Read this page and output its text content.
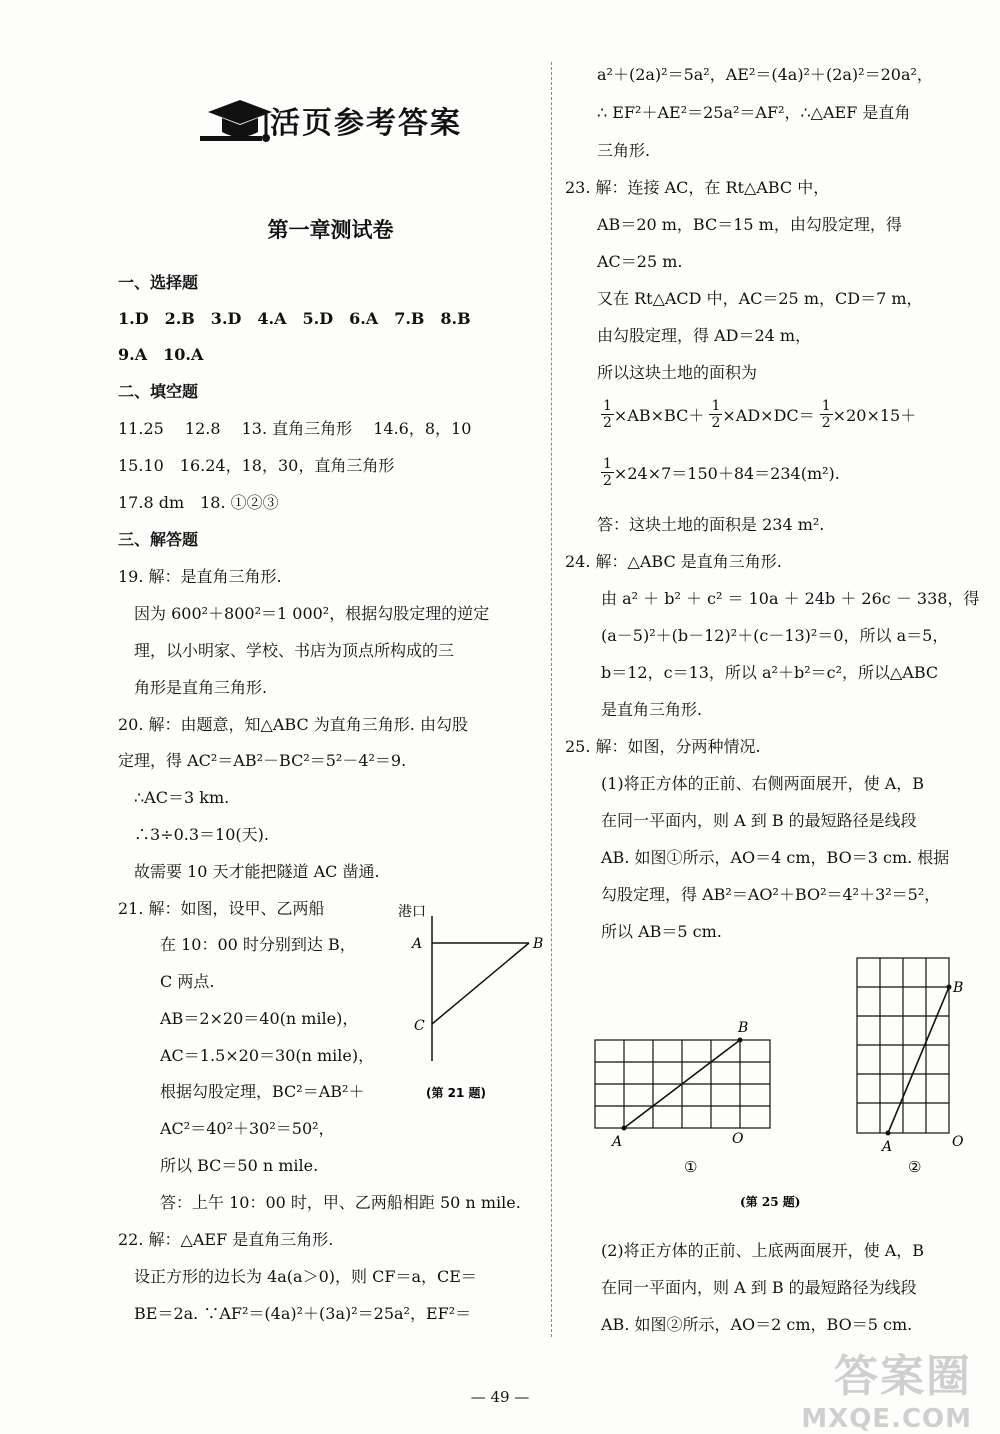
活页参考答案
第一章测试卷
一、选择题
1.D　2.B　3.D　4.A　5.D　6.A　7.B　8.B
9.A　10.A
二、填空题
11.25　 12.8　 13. 直角三角形　 14.6，8，10
15.10　16.24，18，30，直角三角形
17.8 dm　18. ①②③
三、解答题
19. 解：是直角三角形.
因为 600²＋800²＝1 000²，根据勾股定理的逆定
理，以小明家、学校、书店为顶点所构成的三
角形是直角三角形.
20. 解：由题意，知△ABC 为直角三角形. 由勾股
定理，得 AC²＝AB²－BC²＝5²－4²＝9.
∴AC＝3 km.
∴3÷0.3＝10(天).
故需要 10 天才能把隧道 AC 凿通.
21. 解：如图，设甲、乙两船
在 10：00 时分别到达 B，
C 两点.
AB＝2×20＝40(n mile)，
AC＝1.5×20＝30(n mile)，
根据勾股定理，BC²＝AB²＋
AC²＝40²＋30²＝50²，
所以 BC＝50 n mile.
答：上午 10：00 时，甲、乙两船相距 50 n mile.
22. 解：△AEF 是直角三角形.
设正方形的边长为 4a(a＞0)，则 CF＝a，CE＝
BE＝2a. ∵AF²＝(4a)²＋(3a)²＝25a²，EF²＝
港口
A	B
C
(第 21 题)
a²＋(2a)²＝5a²，AE²＝(4a)²＋(2a)²＝20a²，
∴ EF²＋AE²＝25a²＝AF²，∴△AEF 是直角
三角形.
23. 解：连接 AC，在 Rt△ABC 中，
AB＝20 m，BC＝15 m，由勾股定理，得
AC＝25 m.
又在 Rt△ACD 中，AC＝25 m，CD＝7 m，
由勾股定理，得 AD＝24 m，
所以这块土地的面积为
$\frac{1}{2} \times AB\times BC+ \frac{1}{2} \times AD\times DC= \frac{1}{2} \times 20\times 15+$
$\frac{1}{2} \times 24\times 7=150+84=234(m^2)$.
答：这块土地的面积是 234 m².
24. 解：△ABC 是直角三角形.
由 a² ＋ b² ＋ c² ＝ 10a ＋ 24b ＋ 26c － 338，得
(a－5)²＋(b－12)²＋(c－13)²＝0，所以 a＝5，
b＝12，c＝13，所以 a²＋b²＝c²，所以△ABC
是直角三角形.
25. 解：如图，分两种情况.
(1)将正方体的正前、右侧两面展开，使 A，B
在同一平面内，则 A 到 B 的最短路径是线段
AB. 如图①所示，AO＝4 cm，BO＝3 cm. 根据
勾股定理，得 AB²＝AO²＋BO²＝4²＋3²＝5²，
所以 AB＝5 cm.
(2)将正方体的正前、上底两面展开，使 A，B
在同一平面内，则 A 到 B 的最短路径为线段
AB. 如图②所示，AO＝2 cm，BO＝5 cm.
A
B
O
①
A
B
O
②
(第 25 题)
— 49 —	答案圈
MXQE.COM
